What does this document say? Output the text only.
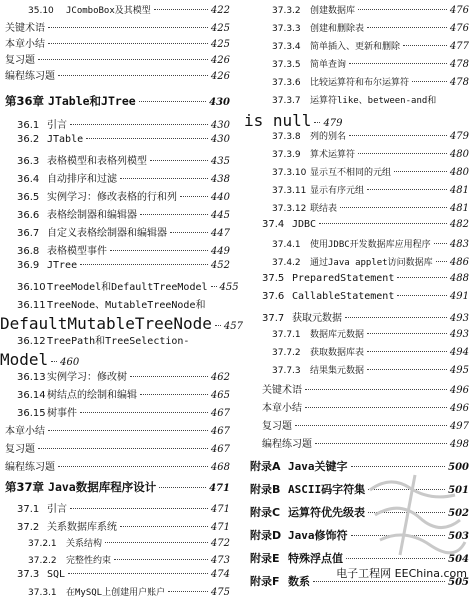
35.10	JComboBox及其模型	422
关键术语	425
本章小结	425
复习题	426
编程练习题	426
第36章 JTable和JTree	430
36.1 引言	430
36.2 JTable	430
36.3 表格模型和表格列模型	435
36.4 自动排序和过滤	438
36.5 实例学习：修改表格的行和列	440
36.6 表格绘制器和编辑器	445
36.7 自定义表格绘制器和编辑器	447
36.8 表格模型事件	449
36.9 JTree	452
36.10 TreeModel和DefaultTreeModel 455
36.11 TreeNode、MutableTreeNode和
DefaultMutableTreeNode 457
36.12 TreePath和TreeSelection-
Model 460
36.13 实例学习：修改树	462
36.14 树结点的绘制和编辑	465
36.15 树事件	467
本章小结	467
复习题	467
编程练习题	468
第37章 Java数据库程序设计	471
37.1 引言	471
37.2 关系数据库系统	471
37.2.1	关系结构	472
37.2.2	完整性约束	473
37.3 SQL	474
37.3.1	在MySQL上创建用户账户	475
37.3.2	创建数据库	476
37.3.3	创建和删除表	476
37.3.4	简单插入、更新和删除	477
37.3.5	简单查询	478
37.3.6	比较运算符和布尔运算符	478
37.3.7	运算符like、between-and和
is null 479
37.3.8	列的别名	479
37.3.9	算术运算符	480
37.3.10 显示互不相同的元组	480
37.3.11 显示有序元组	481
37.3.12 联结表	481
37.4 JDBC	482
37.4.1	使用JDBC开发数据库应用程序 483
37.4.2	通过Java applet访问数据库 486
37.5 PreparedStatement	488
37.6 CallableStatement	491
37.7 获取元数据	493
37.7.1	数据库元数据	493
37.7.2	获取数据库表	494
37.7.3	结果集元数据	495
关键术语	496
本章小结	496
复习题	497
编程练习题	498
附录A Java关键字	500
附录B ASCII码字符集	501
附录C 运算符优先级表	502
附录D Java修饰符	503
附录E 特殊浮点值	504
附录F 数系	505
电子工程网 EEChina.com
